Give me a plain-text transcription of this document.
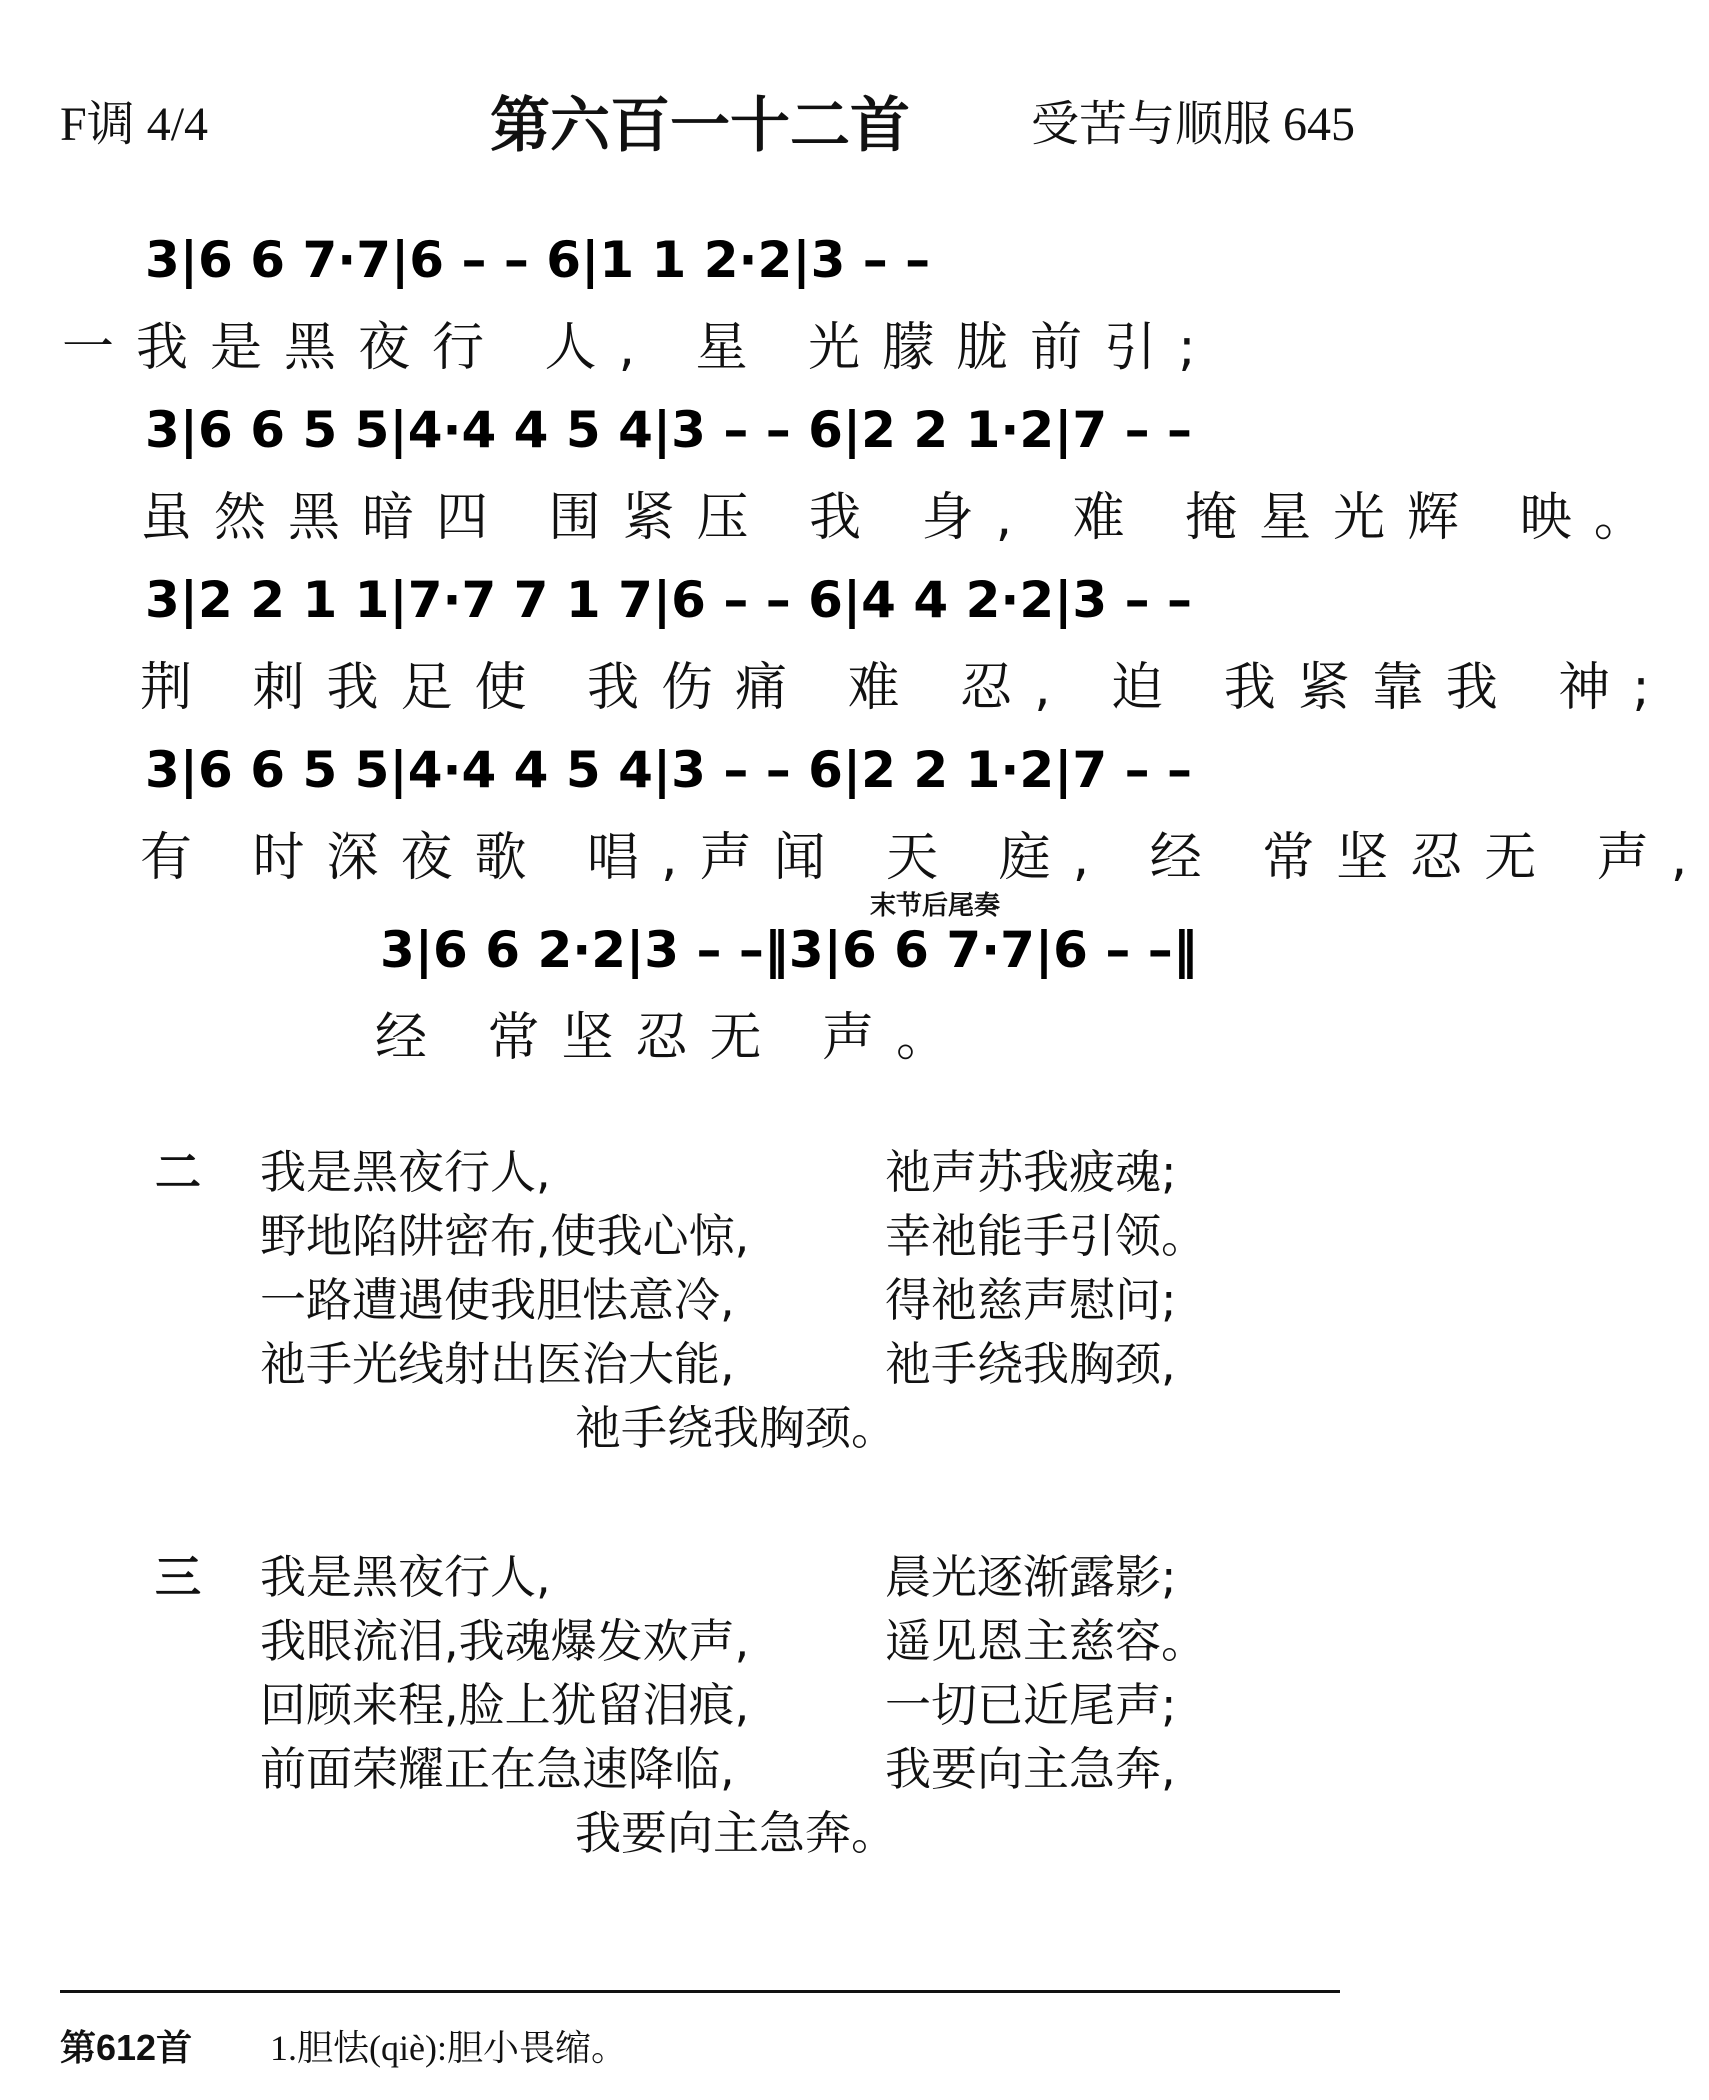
F调 4/4	第六百一十二首	受苦与顺服 645
3|6 6 7·7|6 – – 6|1 1 2·2|3 – –
一我是黑夜行 人, 星 光朦胧前引;
3|6 6 5 5|4·4 4 5 4|3 – – 6|2 2 1·2|7 – –
虽然黑暗四 围紧压 我 身, 难 掩星光辉 映。
3|2 2 1 1|7·7 7 1 7|6 – – 6|4 4 2·2|3 – –
荆 刺我足使 我伤痛 难 忍, 迫 我紧靠我 神;
3|6 6 5 5|4·4 4 5 4|3 – – 6|2 2 1·2|7 – –
有 时深夜歌 唱,声闻 天 庭, 经 常坚忍无 声,
末节后尾奏
3|6 6 2·2|3 – –‖3|6 6 7·7|6 – –‖
经 常坚忍无 声。
二 我是黑夜行人,	祂声苏我疲魂;
野地陷阱密布,使我心惊,	幸祂能手引领。
一路遭遇使我胆怯意冷,	得祂慈声慰问;
祂手光线射出医治大能,	祂手绕我胸颈,
祂手绕我胸颈。
三 我是黑夜行人,	晨光逐渐露影;
我眼流泪,我魂爆发欢声,	遥见恩主慈容。
回顾来程,脸上犹留泪痕,	一切已近尾声;
前面荣耀正在急速降临,	我要向主急奔,
我要向主急奔。
第612首 1.胆怯(qiè):胆小畏缩。
